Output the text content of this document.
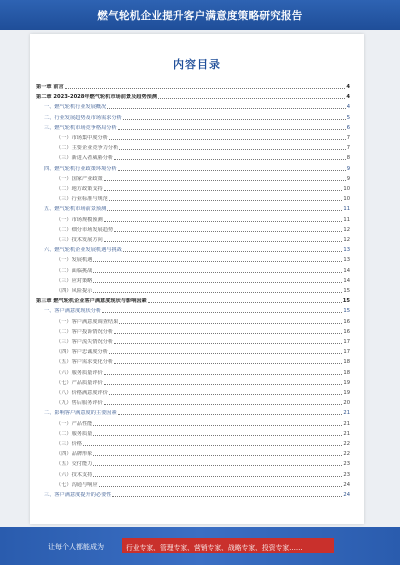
燃气轮机企业提升客户满意度策略研究报告
内容目录
第一章 前言	4
第二章 2023-2028年燃气轮机市场前景及趋势预测	4
一、燃气轮机行业发展概况	4
二、行业发展趋势及市场需求分析	5
三、燃气轮机市场竞争格局分析	6
（一）市场集中度分析	7
（二）主要企业竞争力分析	7
（三）新进入者威胁分析	8
四、燃气轮机行业政策环境分析	9
（一）国家产业政策	9
（二）地方政策支持	10
（三）行业标准与规范	10
五、燃气轮机市场前景预测	11
（一）市场规模预测	11
（二）细分市场发展趋势	12
（三）技术发展方向	12
六、燃气轮机企业发展机遇与挑战	13
（一）发展机遇	13
（二）面临挑战	14
（三）应对策略	14
（四）风险提示	15
第三章 燃气轮机企业客户满意度现状与影响因素	15
一、客户满意度现状分析	15
（一）客户满意度调查结果	16
（二）客户投诉情况分析	16
（三）客户流失情况分析	17
（四）客户忠诚度分析	17
（五）客户需求变化分析	18
（六）服务质量评价	18
（七）产品质量评价	19
（八）价格满意度评价	19
（九）售后服务评价	20
二、影响客户满意度的主要因素	21
（一）产品性能	21
（二）服务质量	21
（三）价格	22
（四）品牌形象	22
（五）交付能力	23
（六）技术支持	23
（七）沟通与响应	24
三、客户满意度提升的必要性	24
让每个人都能成为	行业专家、管理专家、营销专家、战略专家、投资专家……
